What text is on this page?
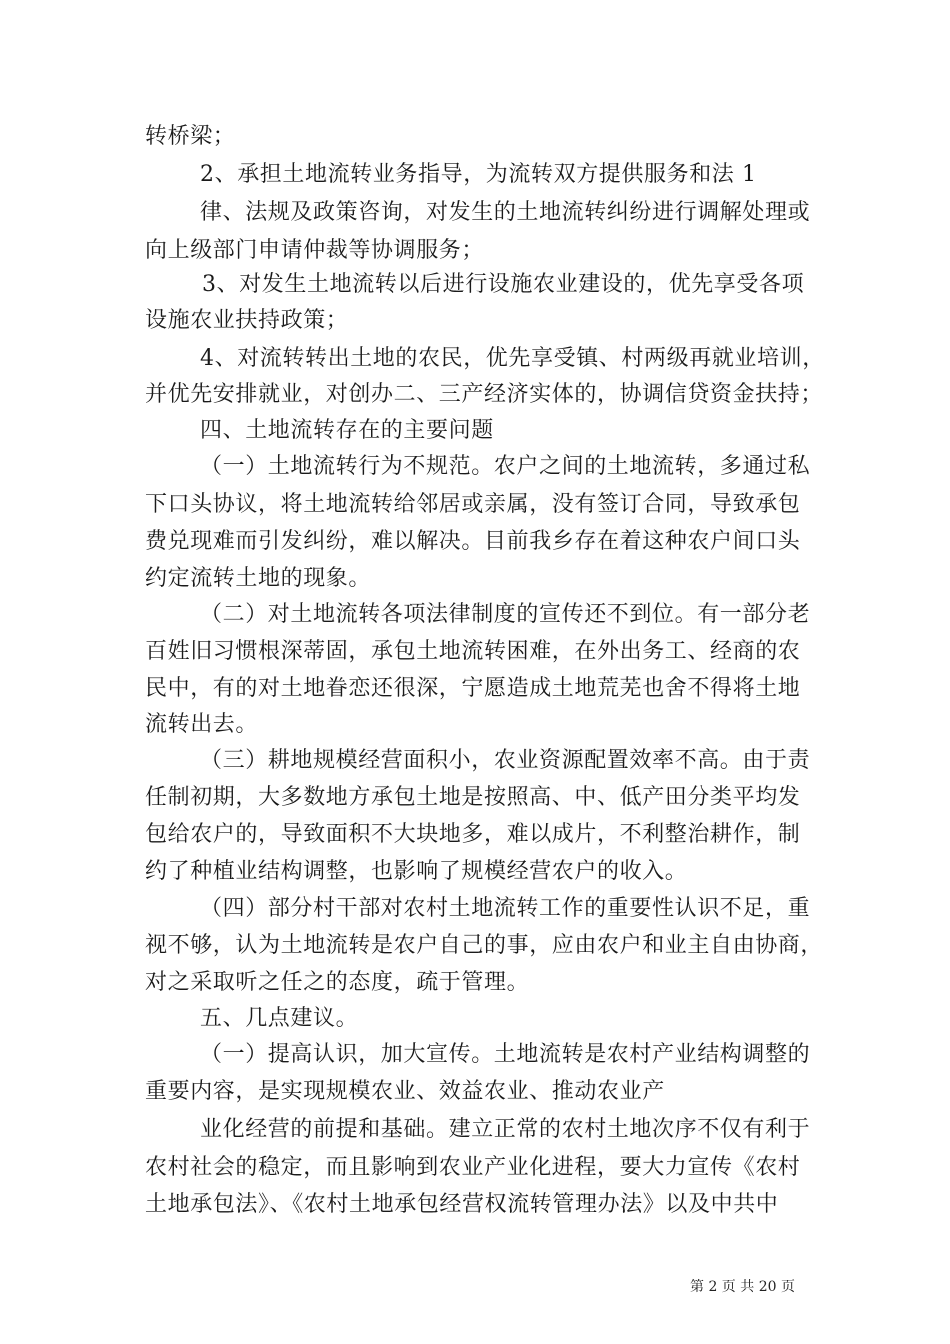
转桥梁；
2、承担土地流转业务指导，为流转双方提供服务和法 1
律、法规及政策咨询，对发生的土地流转纠纷进行调解处理或
向上级部门申请仲裁等协调服务；
3、对发生土地流转以后进行设施农业建设的，优先享受各项
设施农业扶持政策；
4、对流转转出土地的农民，优先享受镇、村两级再就业培训，
并优先安排就业，对创办二、三产经济实体的，协调信贷资金扶持；
四、土地流转存在的主要问题
（一）土地流转行为不规范。农户之间的土地流转，多通过私
下口头协议，将土地流转给邻居或亲属，没有签订合同，导致承包
费兑现难而引发纠纷，难以解决。目前我乡存在着这种农户间口头
约定流转土地的现象。
（二）对土地流转各项法律制度的宣传还不到位。有一部分老
百姓旧习惯根深蒂固，承包土地流转困难，在外出务工、经商的农
民中，有的对土地眷恋还很深，宁愿造成土地荒芜也舍不得将土地
流转出去。
（三）耕地规模经营面积小，农业资源配置效率不高。由于责
任制初期，大多数地方承包土地是按照高、中、低产田分类平均发
包给农户的，导致面积不大块地多，难以成片，不利整治耕作，制
约了种植业结构调整，也影响了规模经营农户的收入。
（四）部分村干部对农村土地流转工作的重要性认识不足，重
视不够，认为土地流转是农户自己的事，应由农户和业主自由协商，
对之采取听之任之的态度，疏于管理。
五、几点建议。
（一）提高认识，加大宣传。土地流转是农村产业结构调整的
重要内容，是实现规模农业、效益农业、推动农业产
业化经营的前提和基础。建立正常的农村土地次序不仅有利于
农村社会的稳定，而且影响到农业产业化进程，要大力宣传《农村
土地承包法》、《农村土地承包经营权流转管理办法》以及中共中
第 2 页 共 20 页
